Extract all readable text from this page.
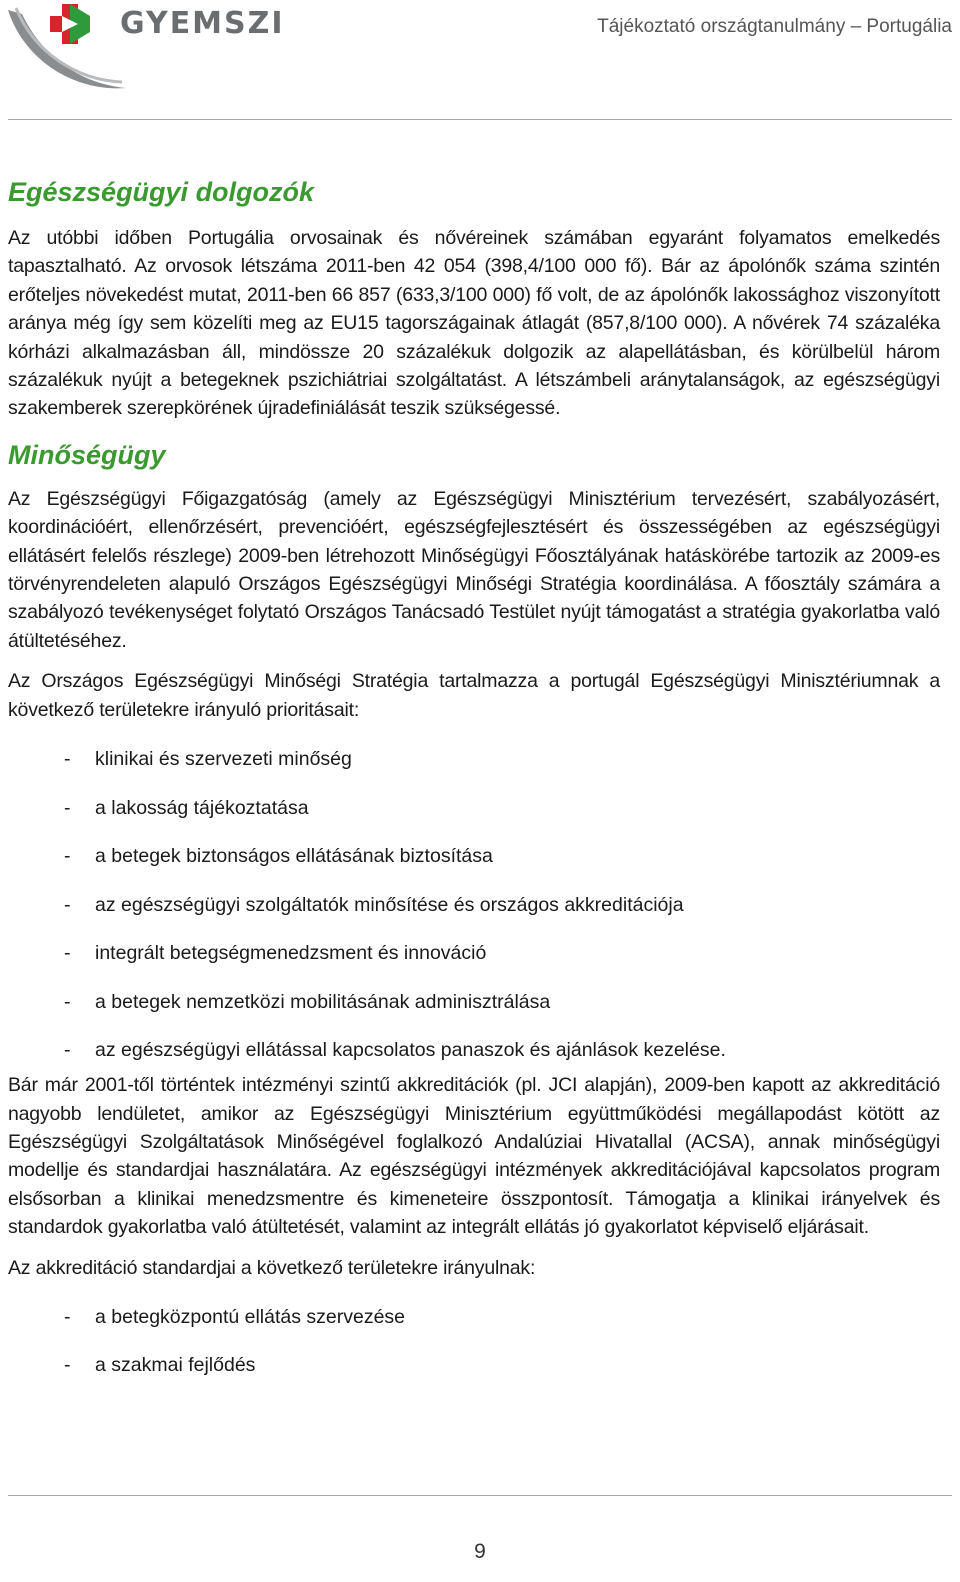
GYEMSZI	Tájékoztató országtanulmány – Portugália
Egészségügyi dolgozók

Az utóbbi időben Portugália orvosainak és nővéreinek számában egyaránt folyamatos emelkedés tapasztalható. Az orvosok létszáma 2011-ben 42 054 (398,4/100 000 fő). Bár az ápolónők száma szintén erőteljes növekedést mutat, 2011-ben 66 857 (633,3/100 000) fő volt, de az ápolónők lakossághoz viszonyított aránya még így sem közelíti meg az EU15 tagországainak átlagát (857,8/100 000). A nővérek 74 százaléka kórházi alkalmazásban áll, mindössze 20 százalékuk dolgozik az alapellátásban, és körülbelül három százalékuk nyújt a betegeknek pszichiátriai szolgáltatást. A létszámbeli aránytalanságok, az egészségügyi szakemberek szerepkörének újradefiniálását teszik szükségessé.

Minőségügy

Az Egészségügyi Főigazgatóság (amely az Egészségügyi Minisztérium tervezésért, szabályozásért, koordinációért, ellenőrzésért, prevencióért, egészségfejlesztésért és összességében az egészségügyi ellátásért felelős részlege) 2009-ben létrehozott Minőségügyi Főosztályának hatáskörébe tartozik az 2009-es törvényrendeleten alapuló Országos Egészségügyi Minőségi Stratégia koordinálása. A főosztály számára a szabályozó tevékenységet folytató Országos Tanácsadó Testület nyújt támogatást a stratégia gyakorlatba való átültetéséhez.

Az Országos Egészségügyi Minőségi Stratégia tartalmazza a portugál Egészségügyi Minisztériumnak a következő területekre irányuló prioritásait:

- klinikai és szervezeti minőség
- a lakosság tájékoztatása
- a betegek biztonságos ellátásának biztosítása
- az egészségügyi szolgáltatók minősítése és országos akkreditációja
- integrált betegségmenedzsment és innováció
- a betegek nemzetközi mobilitásának adminisztrálása
- az egészségügyi ellátással kapcsolatos panaszok és ajánlások kezelése.

Bár már 2001-től történtek intézményi szintű akkreditációk (pl. JCI alapján), 2009-ben kapott az akkreditáció nagyobb lendületet, amikor az Egészségügyi Minisztérium együttműködési megállapodást kötött az Egészségügyi Szolgáltatások Minőségével foglalkozó Andalúziai Hivatallal (ACSA), annak minőségügyi modellje és standardjai használatára. Az egészségügyi intézmények akkreditációjával kapcsolatos program elsősorban a klinikai menedzsmentre és kimeneteire összpontosít. Támogatja a klinikai irányelvek és standardok gyakorlatba való átültetését, valamint az integrált ellátás jó gyakorlatot képviselő eljárásait.

Az akkreditáció standardjai a következő területekre irányulnak:

- a betegközpontú ellátás szervezése
- a szakmai fejlődés
9
